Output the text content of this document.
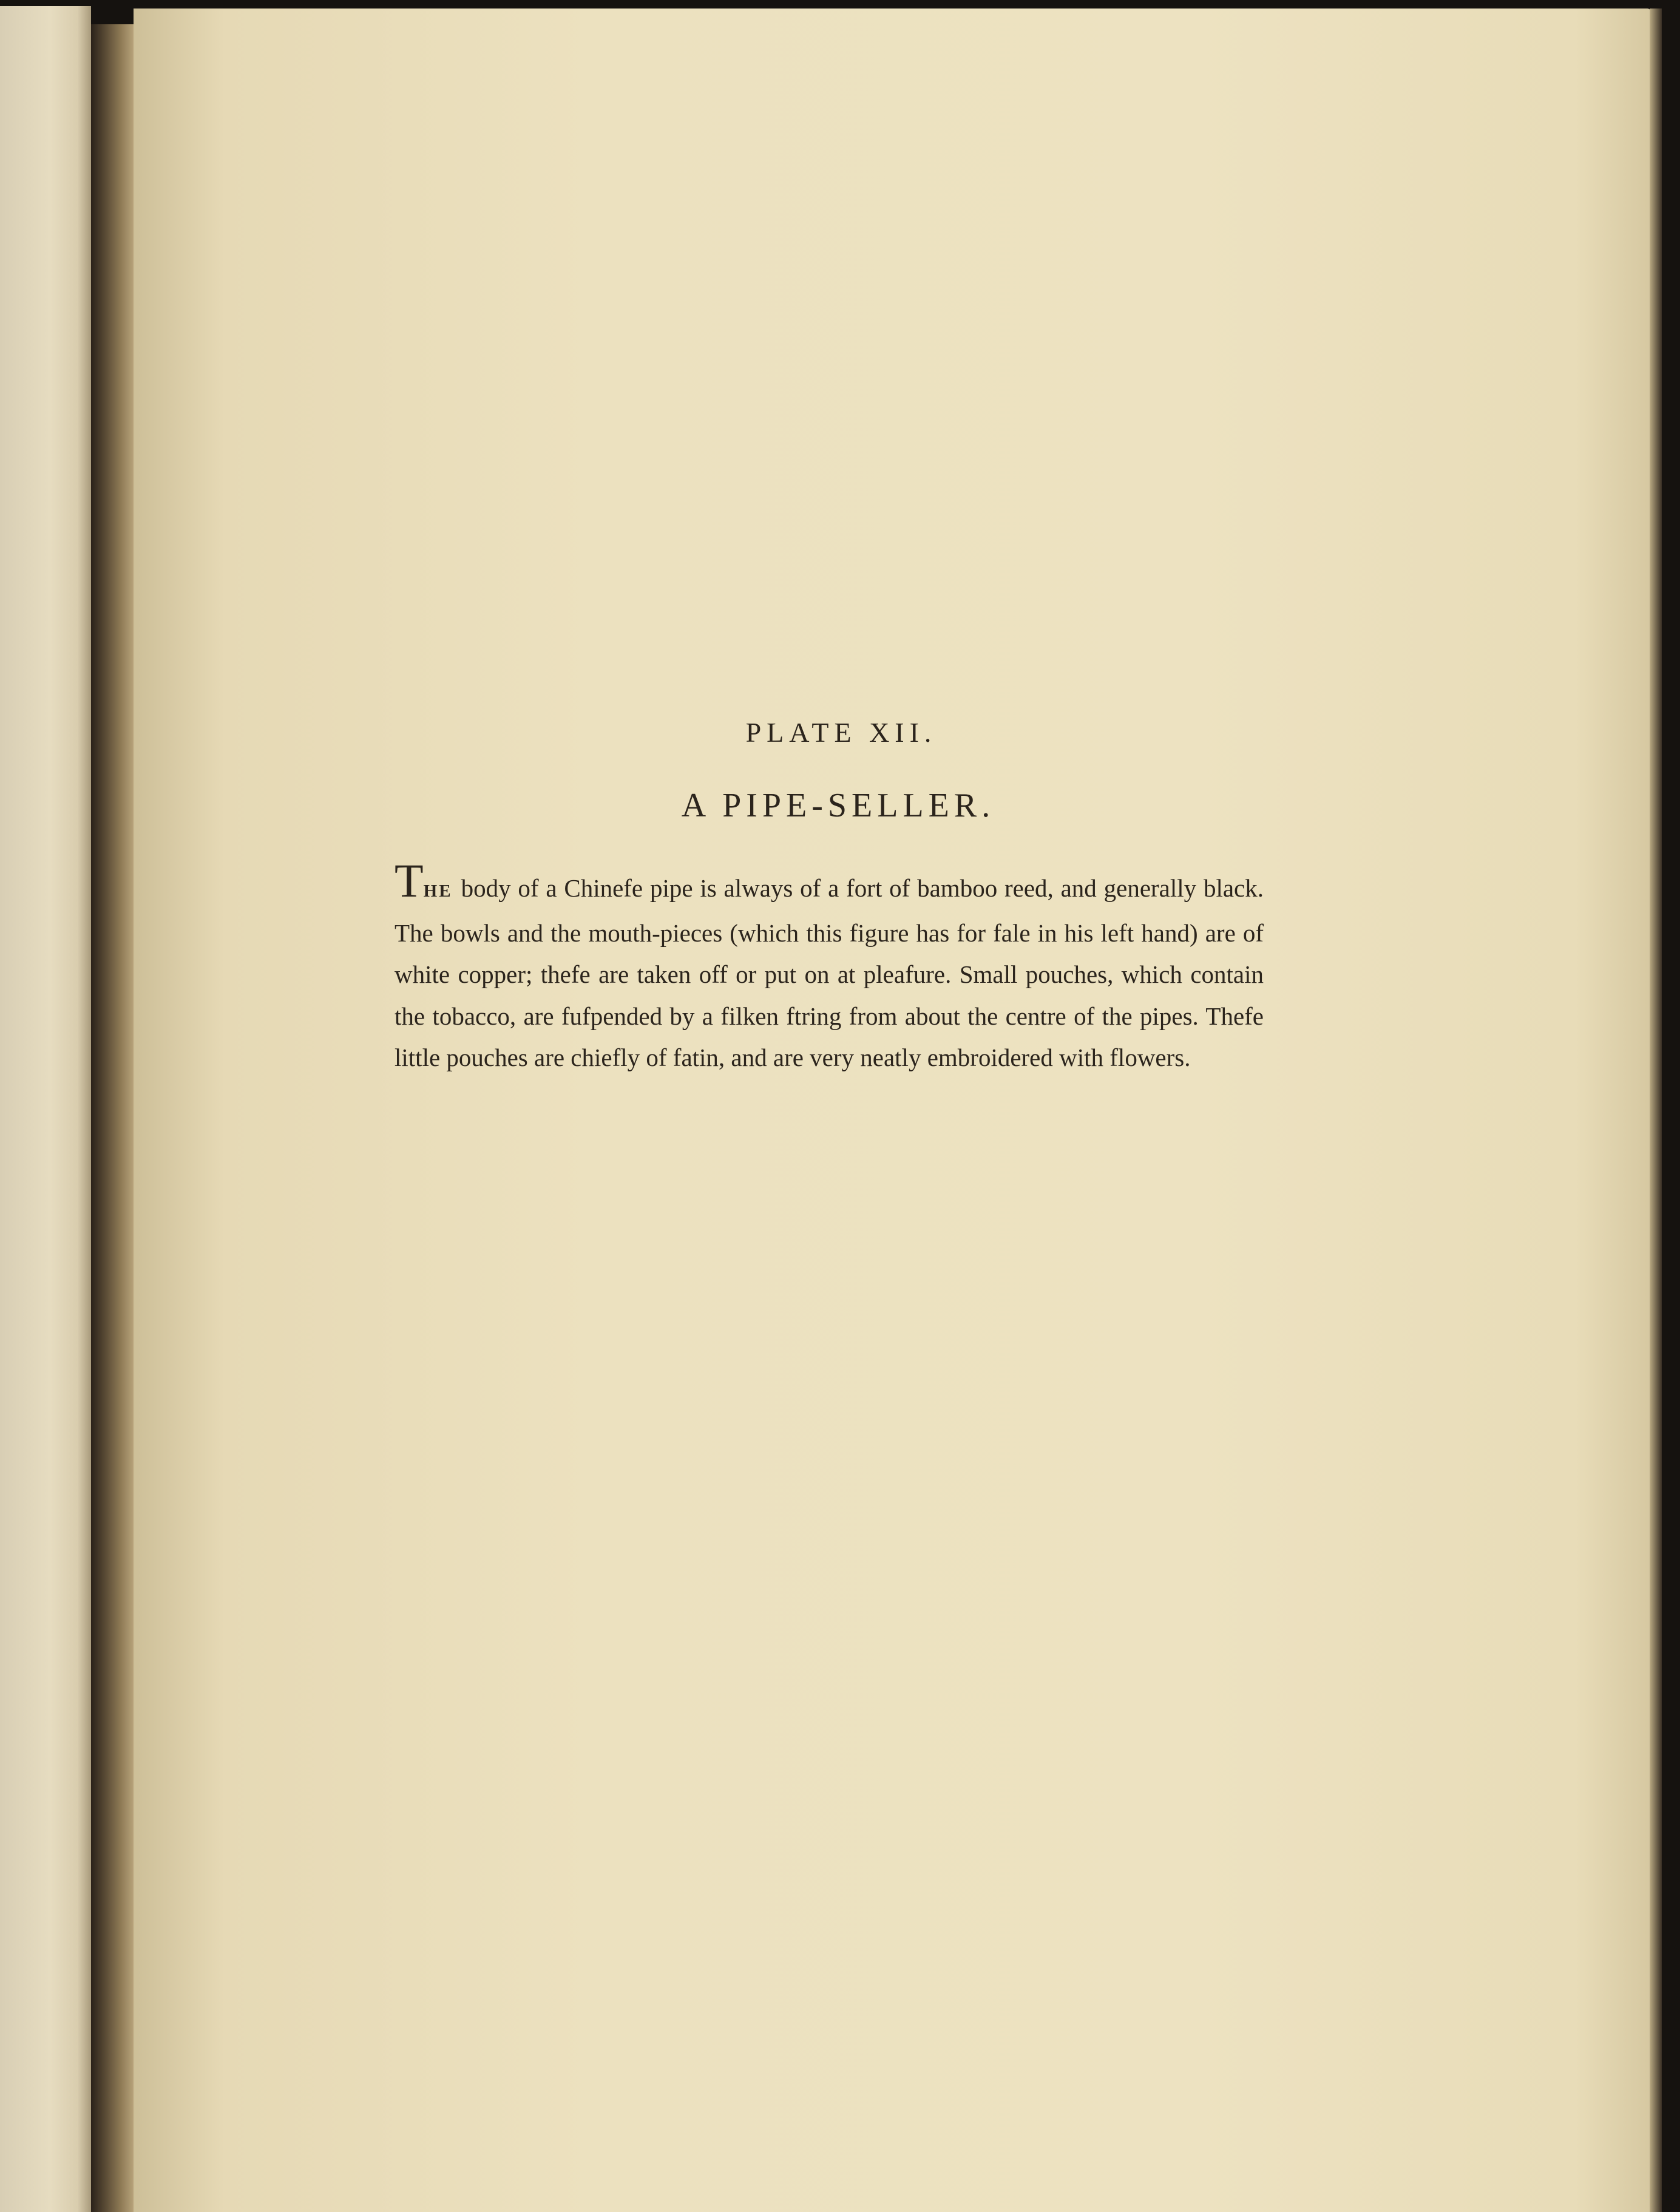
PLATE XII.
A PIPE-SELLER.

THE body of a Chinefe pipe is always of a fort of bamboo reed, and generally black. The bowls and the mouth-pieces (which this figure has for fale in his left hand) are of white copper; thefe are taken off or put on at pleafure. Small pouches, which contain the tobacco, are fufpended by a filken ftring from about the centre of the pipes. Thefe little pouches are chiefly of fatin, and are very neatly embroidered with flowers.
